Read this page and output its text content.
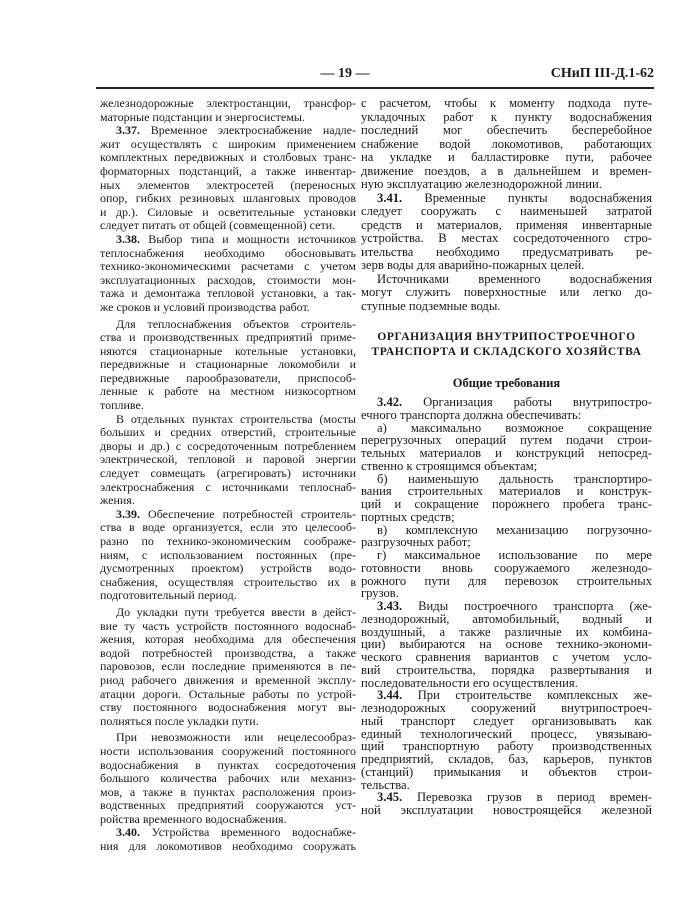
— 19 —	СНиП III-Д.1-62
железнодорожные электростанции, трансфор-
маторные подстанции и энергосистемы.
3.37. Временное электроснабжение надле-
жит осуществлять с широким применением
комплектных передвижных и столбовых транс-
форматорных подстанций, а также инвентар-
ных элементов электросетей (переносных
опор, гибких резиновых шланговых проводов
и др.). Силовые и осветительные установки
следует питать от общей (совмещенной) сети.
3.38. Выбор типа и мощности источников
теплоснабжения необходимо обосновывать
технико-экономическими расчетами с учетом
эксплуатационных расходов, стоимости мон-
тажа и демонтажа тепловой установки, а так-
же сроков и условий производства работ.
Для теплоснабжения объектов строитель-
ства и производственных предприятий приме-
няются стационарные котельные установки,
передвижные и стационарные локомобили и
передвижные парообразователи, приспособ-
ленные к работе на местном низкосортном
топливе.
В отдельных пунктах строительства (мосты
больших и средних отверстий, строительные
дворы и др.) с сосредоточенным потреблением
электрической, тепловой и паровой энергии
следует совмещать (агрегировать) источники
электроснабжения с источниками теплоснаб-
жения.
3.39. Обеспечение потребностей строитель-
ства в воде организуется, если это целесооб-
разно по технико-экономическим соображе-
ниям, с использованием постоянных (пре-
дусмотренных проектом) устройств водо-
снабжения, осуществляя строительство их в
подготовительный период.
До укладки пути требуется ввести в дейст-
вие ту часть устройств постоянного водоснаб-
жения, которая необходима для обеспечения
водой потребностей производства, а также
паровозов, если последние применяются в пе-
риод рабочего движения и временной эксплу-
атации дороги. Остальные работы по устрой-
ству постоянного водоснабжения могут вы-
полняться после укладки пути.
При невозможности или нецелесообраз-
ности использования сооружений постоянного
водоснабжения в пунктах сосредоточения
большого количества рабочих или механиз-
мов, а также в пунктах расположения произ-
водственных предприятий сооружаются уст-
ройства временного водоснабжения.
3.40. Устройства временного водоснабже-
ния для локомотивов необходимо сооружать
с расчетом, чтобы к моменту подхода путе-
укладочных работ к пункту водоснабжения
последний мог обеспечить бесперебойное
снабжение водой локомотивов, работающих
на укладке и балластировке пути, рабочее
движение поездов, а в дальнейшем и времен-
ную эксплуатацию железнодорожной линии.
3.41. Временные пункты водоснабжения
следует сооружать с наименьшей затратой
средств и материалов, применяя инвентарные
устройства. В местах сосредоточенного стро-
ительства необходимо предусматривать ре-
зерв воды для аварийно-пожарных целей.
Источниками временного водоснабжения
могут служить поверхностные или легко до-
ступные подземные воды.
ОРГАНИЗАЦИЯ ВНУТРИПОСТРОЕЧНОГО
ТРАНСПОРТА И СКЛАДСКОГО ХОЗЯЙСТВА
Общие требования
3.42. Организация работы внутрипостро-
ечного транспорта должна обеспечивать:
а) максимально возможное сокращение
перегрузочных операций путем подачи строи-
тельных материалов и конструкций непосред-
ственно к строящимся объектам;
б) наименьшую дальность транспортиро-
вания строительных материалов и конструк-
ций и сокращение порожнего пробега транс-
портных средств;
в) комплексную механизацию погрузочно-
разгрузочных работ;
г) максимальное использование по мере
готовности вновь сооружаемого железнодо-
рожного пути для перевозок строительных
грузов.
3.43. Виды построечного транспорта (же-
лезнодорожный, автомобильный, водный и
воздушный, а также различные их комбина-
ции) выбираются на основе технико-экономи-
ческого сравнения вариантов с учетом усло-
вий строительства, порядка развертывания и
последовательности его осуществления.
3.44. При строительстве комплексных же-
лезнодорожных сооружений внутрипостроеч-
ный транспорт следует организовывать как
единый технологический процесс, увязываю-
щий транспортную работу производственных
предприятий, складов, баз, карьеров, пунктов
(станций) примыкания и объектов строи-
тельства.
3.45. Перевозка грузов в период времен-
ной эксплуатации новостроящейся железной
